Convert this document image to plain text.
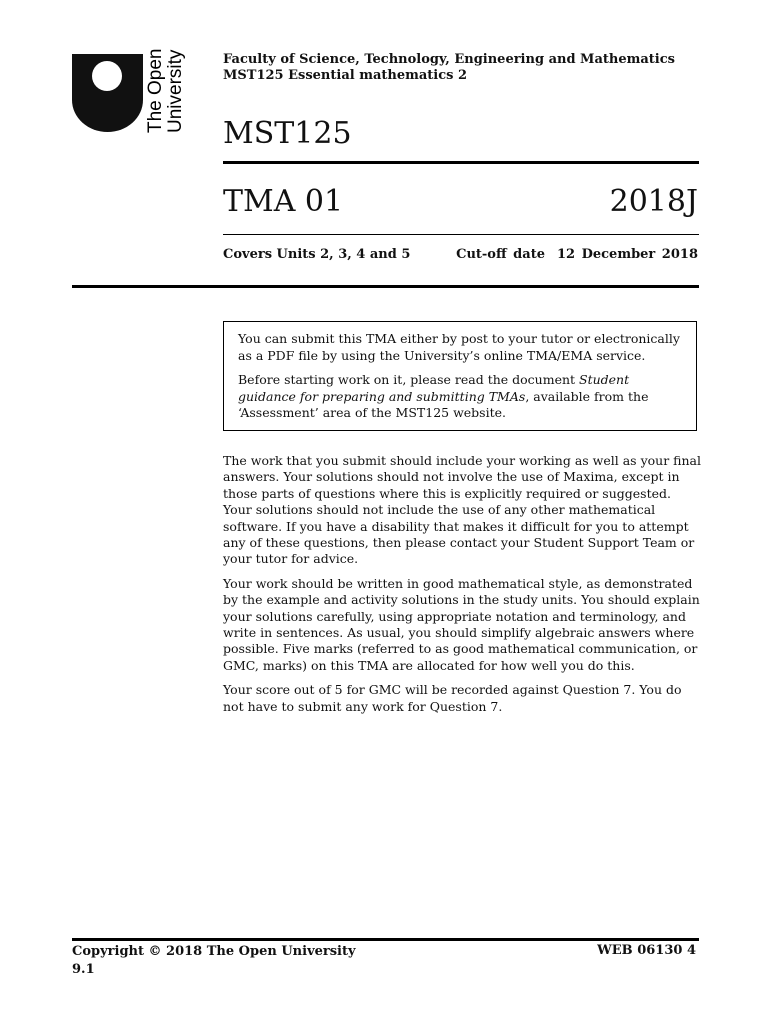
The Open University	Faculty of Science, Technology, Engineering and Mathematics
MST125 Essential mathematics 2
MST125
TMA 01	2018J
Covers Units 2, 3, 4 and 5	Cut-off date 12 December 2018

You can submit this TMA either by post to your tutor or electronically as a PDF file by using the University’s online TMA/EMA service.

Before starting work on it, please read the document Student guidance for preparing and submitting TMAs, available from the ‘Assessment’ area of the MST125 website.

The work that you submit should include your working as well as your final answers. Your solutions should not involve the use of Maxima, except in those parts of questions where this is explicitly required or suggested. Your solutions should not include the use of any other mathematical software. If you have a disability that makes it difficult for you to attempt any of these questions, then please contact your Student Support Team or your tutor for advice.

Your work should be written in good mathematical style, as demonstrated by the example and activity solutions in the study units. You should explain your solutions carefully, using appropriate notation and terminology, and write in sentences. As usual, you should simplify algebraic answers where possible. Five marks (referred to as good mathematical communication, or GMC, marks) on this TMA are allocated for how well you do this.

Your score out of 5 for GMC will be recorded against Question 7. You do not have to submit any work for Question 7.

Copyright © 2018 The Open University
9.1
WEB 06130 4
